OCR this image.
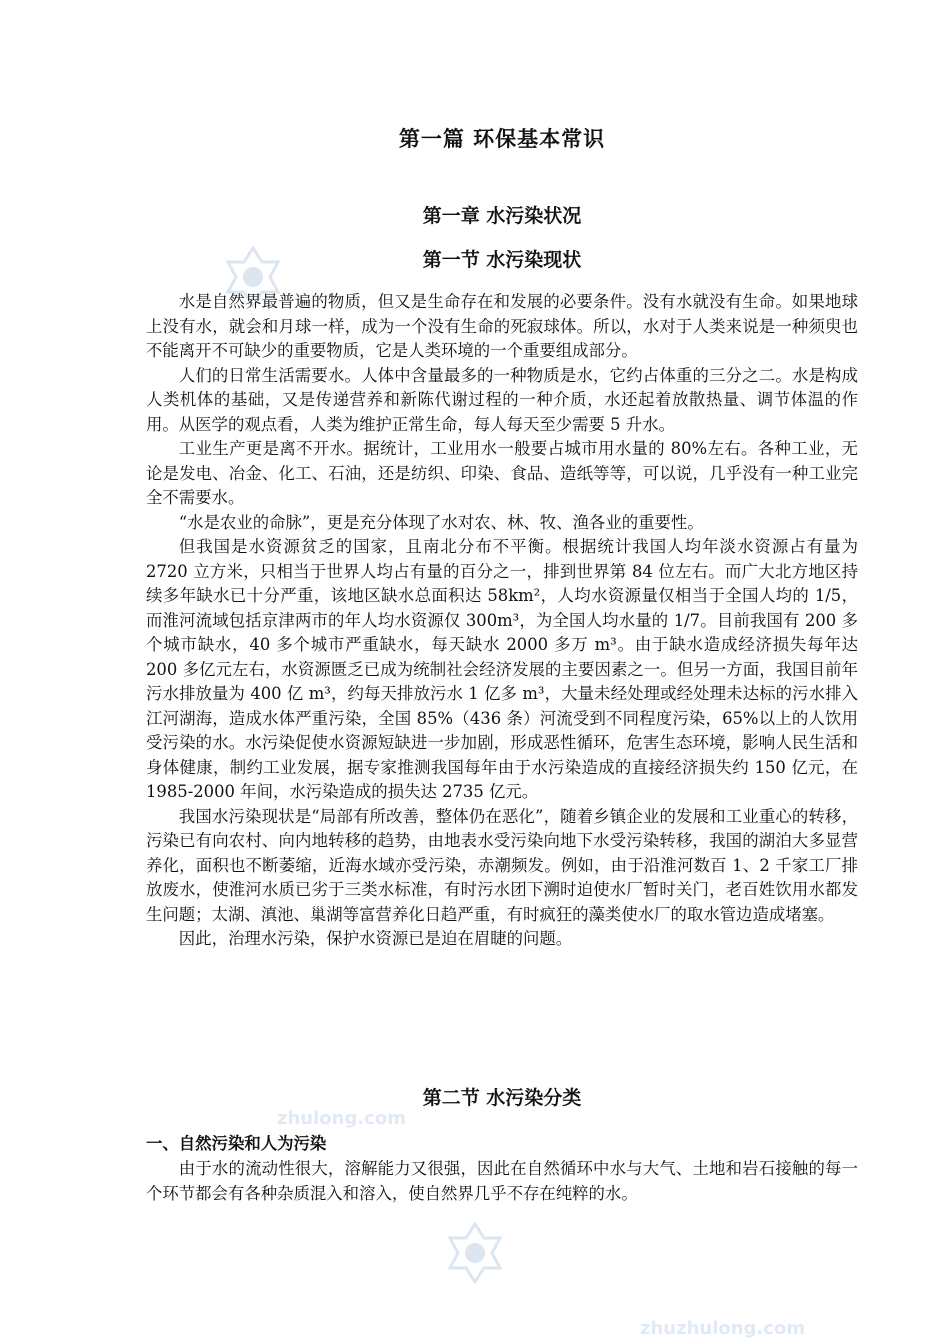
zhulong.com
zhuzhulong.com
第一篇 环保基本常识
第一章 水污染状况
第一节 水污染现状

水是自然界最普遍的物质，但又是生命存在和发展的必要条件。没有水就没有生命。如果地球上没有水，就会和月球一样，成为一个没有生命的死寂球体。所以，水对于人类来说是一种须臾也不能离开不可缺少的重要物质，它是人类环境的一个重要组成部分。

人们的日常生活需要水。人体中含量最多的一种物质是水，它约占体重的三分之二。水是构成人类机体的基础，又是传递营养和新陈代谢过程的一种介质，水还起着放散热量、调节体温的作用。从医学的观点看，人类为维护正常生命，每人每天至少需要 5 升水。

工业生产更是离不开水。据统计，工业用水一般要占城市用水量的 80%左右。各种工业，无论是发电、冶金、化工、石油，还是纺织、印染、食品、造纸等等，可以说，几乎没有一种工业完全不需要水。

“水是农业的命脉”，更是充分体现了水对农、林、牧、渔各业的重要性。

但我国是水资源贫乏的国家，且南北分布不平衡。根据统计我国人均年淡水资源占有量为 2720 立方米，只相当于世界人均占有量的百分之一，排到世界第 84 位左右。而广大北方地区持续多年缺水已十分严重，该地区缺水总面积达 58km²，人均水资源量仅相当于全国人均的 1/5，而淮河流域包括京津两市的年人均水资源仅 300m³，为全国人均水量的 1/7。目前我国有 200 多个城市缺水，40 多个城市严重缺水，每天缺水 2000 多万 m³。由于缺水造成经济损失每年达 200 多亿元左右，水资源匮乏已成为统制社会经济发展的主要因素之一。但另一方面，我国目前年污水排放量为 400 亿 m³，约每天排放污水 1 亿多 m³，大量未经处理或经处理未达标的污水排入江河湖海，造成水体严重污染，全国 85%（436 条）河流受到不同程度污染，65%以上的人饮用受污染的水。水污染促使水资源短缺进一步加剧，形成恶性循环，危害生态环境，影响人民生活和身体健康，制约工业发展，据专家推测我国每年由于水污染造成的直接经济损失约 150 亿元，在 1985-2000 年间，水污染造成的损失达 2735 亿元。

我国水污染现状是“局部有所改善，整体仍在恶化”，随着乡镇企业的发展和工业重心的转移，污染已有向农村、向内地转移的趋势，由地表水受污染向地下水受污染转移，我国的湖泊大多显营养化，面积也不断萎缩，近海水域亦受污染，赤潮频发。例如，由于沿淮河数百 1、2 千家工厂排放废水，使淮河水质已劣于三类水标准，有时污水团下溯时迫使水厂暂时关门，老百姓饮用水都发生问题；太湖、滇池、巢湖等富营养化日趋严重，有时疯狂的藻类使水厂的取水管边造成堵塞。

因此，治理水污染，保护水资源已是迫在眉睫的问题。

第二节 水污染分类
一、自然污染和人为污染

由于水的流动性很大，溶解能力又很强，因此在自然循环中水与大气、土地和岩石接触的每一个环节都会有各种杂质混入和溶入，使自然界几乎不存在纯粹的水。
